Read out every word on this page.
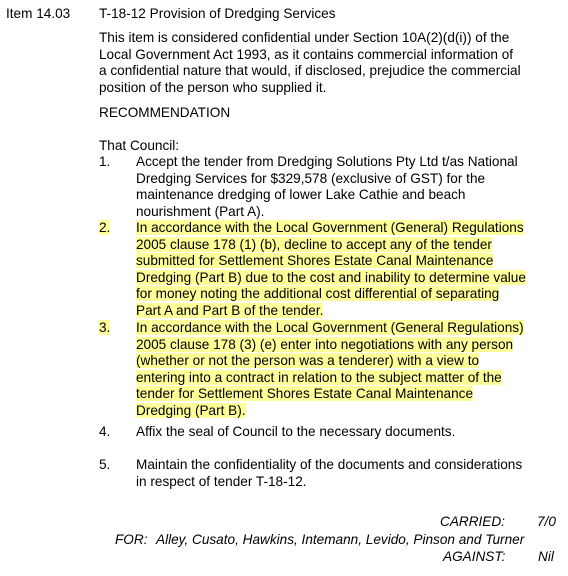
Item 14.03 T-18-12 Provision of Dredging Services
This item is considered confidential under Section 10A(2)(d(i)) of the
Local Government Act 1993, as it contains commercial information of
a confidential nature that would, if disclosed, prejudice the commercial
position of the person who supplied it.
RECOMMENDATION
That Council:
1. Accept the tender from Dredging Solutions Pty Ltd t/as National
Dredging Services for $329,578 (exclusive of GST) for the
maintenance dredging of lower Lake Cathie and beach
nourishment (Part A).
2. In accordance with the Local Government (General) Regulations
2005 clause 178 (1) (b), decline to accept any of the tender
submitted for Settlement Shores Estate Canal Maintenance
Dredging (Part B) due to the cost and inability to determine value
for money noting the additional cost differential of separating
Part A and Part B of the tender.
3. In accordance with the Local Government (General Regulations)
2005 clause 178 (3) (e) enter into negotiations with any person
(whether or not the person was a tenderer) with a view to
entering into a contract in relation to the subject matter of the
tender for Settlement Shores Estate Canal Maintenance
Dredging (Part B).
4. Affix the seal of Council to the necessary documents.
5. Maintain the confidentiality of the documents and considerations
in respect of tender T-18-12.
CARRIED: 7/0
FOR: Alley, Cusato, Hawkins, Intemann, Levido, Pinson and Turner
AGAINST: Nil
